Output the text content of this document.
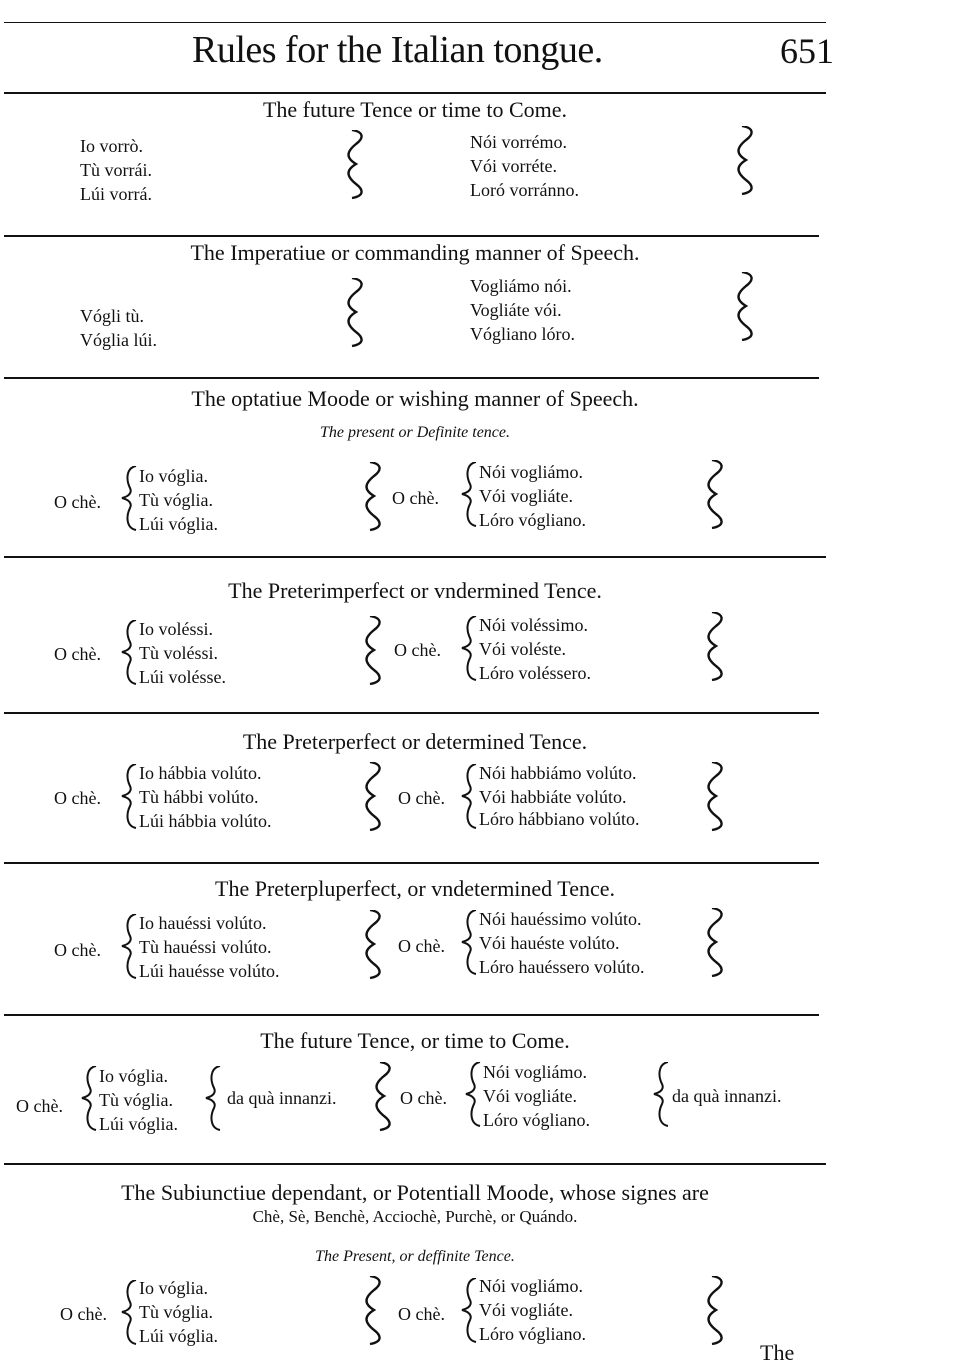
Rules for the Italian tongue.	651
The future Tence or time to Come.
Io vorrò.
Tù vorrái.
Lúi vorrá.
Nói vorrémo.
Vói vorréte.
Loró vorránno.
The Imperatiue or commanding manner of Speech.
Vógli tù.
Vóglia lúi.
Vogliámo nói.
Vogliáte vói.
Vógliano lóro.
The optatiue Moode or wishing manner of Speech.
The present or Definite tence.
O chè.
Io vóglia.
Tù vóglia.
Lúi vóglia.
O chè.
Nói vogliámo.
Vói vogliáte.
Lóro vógliano.
The Preterimperfect or vndermined Tence.
O chè.
Io voléssi.
Tù voléssi.
Lúi volésse.
O chè.
Nói voléssimo.
Vói voléste.
Lóro voléssero.
The Preterperfect or determined Tence.
O chè.
Io hábbia volúto.
Tù hábbi volúto.
Lúi hábbia volúto.
O chè.
Nói habbiámo volúto.
Vói habbiáte volúto.
Lóro hábbiano volúto.
The Preterpluperfect, or vndetermined Tence.
O chè.
Io hauéssi volúto.
Tù hauéssi volúto.
Lúi hauésse volúto.
O chè.
Nói hauéssimo volúto.
Vói hauéste volúto.
Lóro hauéssero volúto.
The future Tence, or time to Come.
O chè.
Io vóglia.
Tù vóglia.
Lúi vóglia.
da quà innanzi.	O chè.
Nói vogliámo.
Vói vogliáte.
Lóro vógliano.
da quà innanzi.
The Subiunctiue dependant, or Potentiall Moode, whose signes are
Chè, Sè, Benchè, Acciochè, Purchè, or Quándo.
The Present, or deffinite Tence.
O chè.
Io vóglia.
Tù vóglia.
Lúi vóglia.
O chè.
Nói vogliámo.
Vói vogliáte.
Lóro vógliano.
The
